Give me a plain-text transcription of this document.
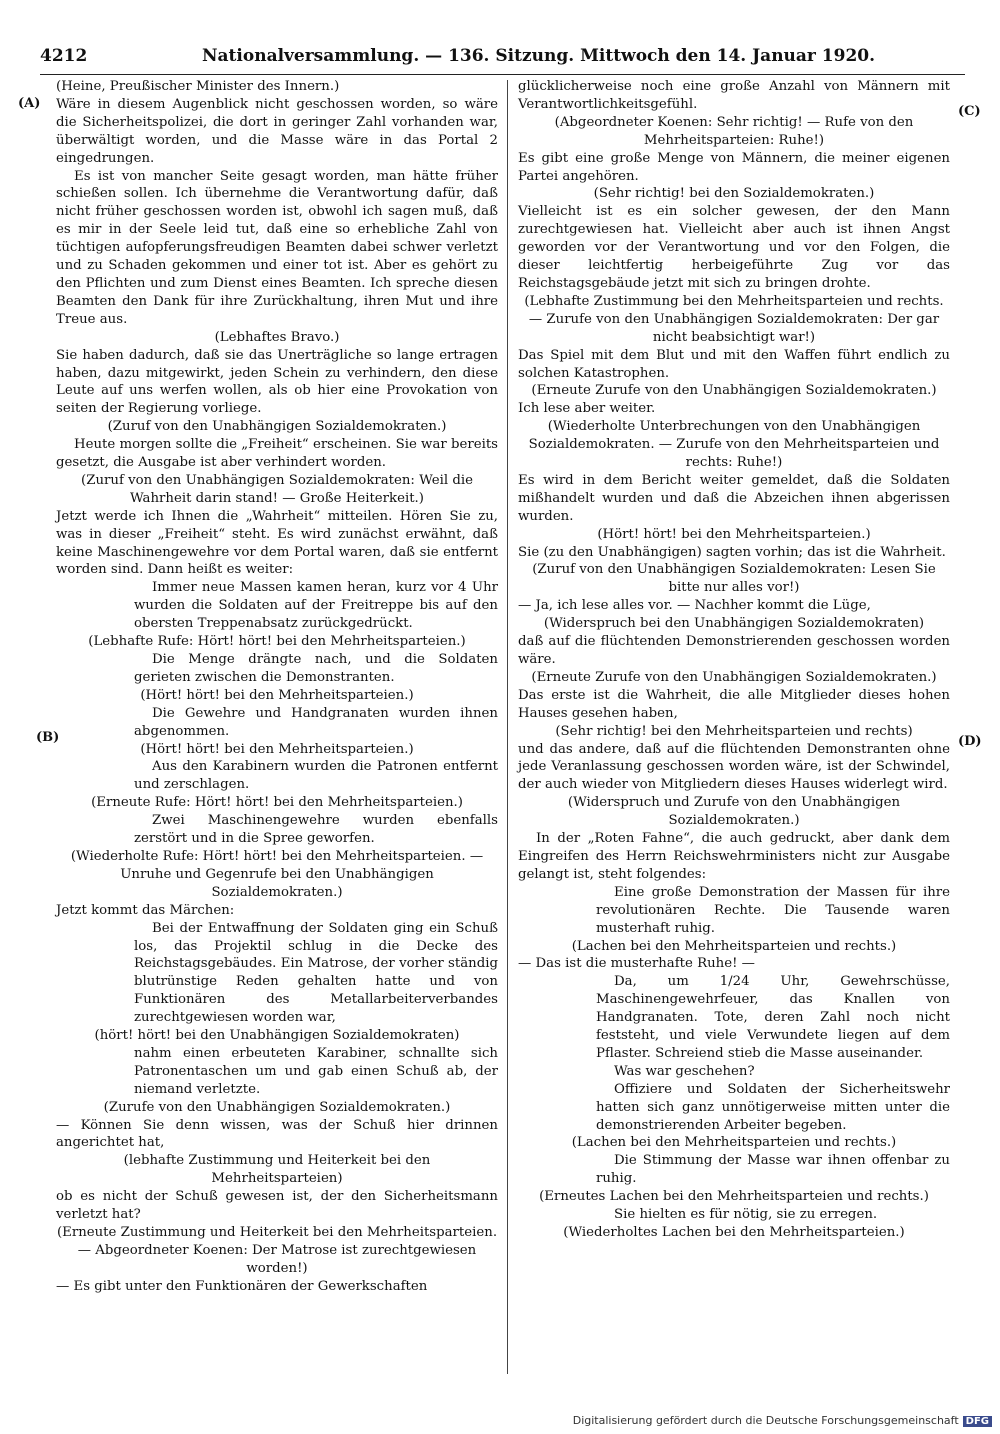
4212	Nationalversammlung. — 136. Sitzung. Mittwoch den 14. Januar 1920.
(A)
(B)
(C)
(D)

(Heine, Preußischer Minister des Innern.)

Wäre in diesem Augenblick nicht geschossen worden, so wäre die Sicherheitspolizei, die dort in geringer Zahl vorhanden war, überwältigt worden, und die Masse wäre in das Portal 2 eingedrungen.

Es ist von mancher Seite gesagt worden, man hätte früher schießen sollen. Ich übernehme die Verantwortung dafür, daß nicht früher geschossen worden ist, obwohl ich sagen muß, daß es mir in der Seele leid tut, daß eine so erhebliche Zahl von tüchtigen aufopferungsfreudigen Beamten dabei schwer verletzt und zu Schaden gekommen und einer tot ist. Aber es gehört zu den Pflichten und zum Dienst eines Beamten. Ich spreche diesen Beamten den Dank für ihre Zurückhaltung, ihren Mut und ihre Treue aus.

(Lebhaftes Bravo.)

Sie haben dadurch, daß sie das Unerträgliche so lange ertragen haben, dazu mitgewirkt, jeden Schein zu verhindern, den diese Leute auf uns werfen wollen, als ob hier eine Provokation von seiten der Regierung vorliege.

(Zuruf von den Unabhängigen Sozialdemokraten.)

Heute morgen sollte die „Freiheit“ erscheinen. Sie war bereits gesetzt, die Ausgabe ist aber verhindert worden.

(Zuruf von den Unabhängigen Sozialdemokraten: Weil die Wahrheit darin stand! — Große Heiterkeit.)

Jetzt werde ich Ihnen die „Wahrheit“ mitteilen. Hören Sie zu, was in dieser „Freiheit“ steht. Es wird zunächst erwähnt, daß keine Maschinengewehre vor dem Portal waren, daß sie entfernt worden sind. Dann heißt es weiter:

Immer neue Massen kamen heran, kurz vor 4 Uhr wurden die Soldaten auf der Freitreppe bis auf den obersten Treppenabsatz zurückgedrückt.

(Lebhafte Rufe: Hört! hört! bei den Mehrheitsparteien.)

Die Menge drängte nach, und die Soldaten gerieten zwischen die Demonstranten.

(Hört! hört! bei den Mehrheitsparteien.)

Die Gewehre und Handgranaten wurden ihnen abgenommen.

(Hört! hört! bei den Mehrheitsparteien.)

Aus den Karabinern wurden die Patronen entfernt und zerschlagen.

(Erneute Rufe: Hört! hört! bei den Mehrheitsparteien.)

Zwei Maschinengewehre wurden ebenfalls zerstört und in die Spree geworfen.

(Wiederholte Rufe: Hört! hört! bei den Mehrheitsparteien. — Unruhe und Gegenrufe bei den Unabhängigen Sozialdemokraten.)

Jetzt kommt das Märchen:

Bei der Entwaffnung der Soldaten ging ein Schuß los, das Projektil schlug in die Decke des Reichstagsgebäudes. Ein Matrose, der vorher ständig blutrünstige Reden gehalten hatte und von Funktionären des Metallarbeiterverbandes zurechtgewiesen worden war,

(hört! hört! bei den Unabhängigen Sozialdemokraten)

nahm einen erbeuteten Karabiner, schnallte sich Patronentaschen um und gab einen Schuß ab, der niemand verletzte.

(Zurufe von den Unabhängigen Sozialdemokraten.)

— Können Sie denn wissen, was der Schuß hier drinnen angerichtet hat,

(lebhafte Zustimmung und Heiterkeit bei den Mehrheitsparteien)

ob es nicht der Schuß gewesen ist, der den Sicherheitsmann verletzt hat?

(Erneute Zustimmung und Heiterkeit bei den Mehrheitsparteien. — Abgeordneter Koenen: Der Matrose ist zurechtgewiesen worden!)

— Es gibt unter den Funktionären der Gewerkschaften

glücklicherweise noch eine große Anzahl von Männern mit Verantwortlichkeitsgefühl.

(Abgeordneter Koenen: Sehr richtig! — Rufe von den Mehrheitsparteien: Ruhe!)

Es gibt eine große Menge von Männern, die meiner eigenen Partei angehören.

(Sehr richtig! bei den Sozialdemokraten.)

Vielleicht ist es ein solcher gewesen, der den Mann zurechtgewiesen hat. Vielleicht aber auch ist ihnen Angst geworden vor der Verantwortung und vor den Folgen, die dieser leichtfertig herbeigeführte Zug vor das Reichstagsgebäude jetzt mit sich zu bringen drohte.

(Lebhafte Zustimmung bei den Mehrheitsparteien und rechts. — Zurufe von den Unabhängigen Sozialdemokraten: Der gar nicht beabsichtigt war!)

Das Spiel mit dem Blut und mit den Waffen führt endlich zu solchen Katastrophen.

(Erneute Zurufe von den Unabhängigen Sozialdemokraten.)

Ich lese aber weiter.

(Wiederholte Unterbrechungen von den Unabhängigen Sozialdemokraten. — Zurufe von den Mehrheitsparteien und rechts: Ruhe!)

Es wird in dem Bericht weiter gemeldet, daß die Soldaten mißhandelt wurden und daß die Abzeichen ihnen abgerissen wurden.

(Hört! hört! bei den Mehrheitsparteien.)

Sie (zu den Unabhängigen) sagten vorhin; das ist die Wahrheit.

(Zuruf von den Unabhängigen Sozialdemokraten: Lesen Sie bitte nur alles vor!)

— Ja, ich lese alles vor. — Nachher kommt die Lüge,

(Widerspruch bei den Unabhängigen Sozialdemokraten)

daß auf die flüchtenden Demonstrierenden geschossen worden wäre.

(Erneute Zurufe von den Unabhängigen Sozialdemokraten.)

Das erste ist die Wahrheit, die alle Mitglieder dieses hohen Hauses gesehen haben,

(Sehr richtig! bei den Mehrheitsparteien und rechts)

und das andere, daß auf die flüchtenden Demonstranten ohne jede Veranlassung geschossen worden wäre, ist der Schwindel, der auch wieder von Mitgliedern dieses Hauses widerlegt wird.

(Widerspruch und Zurufe von den Unabhängigen Sozialdemokraten.)

In der „Roten Fahne“, die auch gedruckt, aber dank dem Eingreifen des Herrn Reichswehrministers nicht zur Ausgabe gelangt ist, steht folgendes:

Eine große Demonstration der Massen für ihre revolutionären Rechte. Die Tausende waren musterhaft ruhig.

(Lachen bei den Mehrheitsparteien und rechts.)

— Das ist die musterhafte Ruhe! —

Da, um 1/24 Uhr, Gewehrschüsse, Maschinengewehrfeuer, das Knallen von Handgranaten. Tote, deren Zahl noch nicht feststeht, und viele Verwundete liegen auf dem Pflaster. Schreiend stieb die Masse auseinander.

Was war geschehen?

Offiziere und Soldaten der Sicherheitswehr hatten sich ganz unnötigerweise mitten unter die demonstrierenden Arbeiter begeben.

(Lachen bei den Mehrheitsparteien und rechts.)

Die Stimmung der Masse war ihnen offenbar zu ruhig.

(Erneutes Lachen bei den Mehrheitsparteien und rechts.)

Sie hielten es für nötig, sie zu erregen.

(Wiederholtes Lachen bei den Mehrheitsparteien.)

Digitalisierung gefördert durch die Deutsche Forschungsgemeinschaft DFG
